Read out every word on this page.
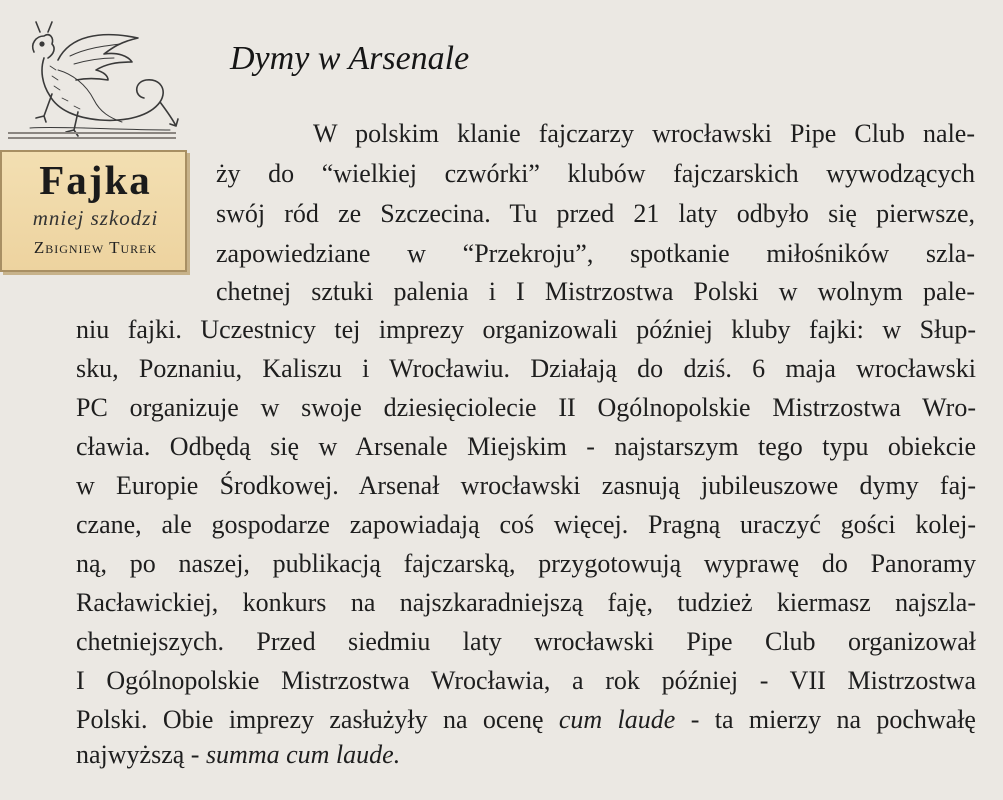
Fajka
mniej szkodzi
Zbigniew Turek
Dymy w Arsenale
W polskim klanie fajczarzy wrocławski Pipe Club nale-
ży do “wielkiej czwórki” klubów fajczarskich wywodzących
swój ród ze Szczecina. Tu przed 21 laty odbyło się pierwsze,
zapowiedziane w “Przekroju”, spotkanie miłośników szla-
chetnej sztuki palenia i I Mistrzostwa Polski w wolnym pale-
niu fajki. Uczestnicy tej imprezy organizowali później kluby fajki: w Słup-
sku, Poznaniu, Kaliszu i Wrocławiu. Działają do dziś. 6 maja wrocławski
PC organizuje w swoje dziesięciolecie II Ogólnopolskie Mistrzostwa Wro-
cławia. Odbędą się w Arsenale Miejskim - najstarszym tego typu obiekcie
w Europie Środkowej. Arsenał wrocławski zasnują jubileuszowe dymy faj-
czane, ale gospodarze zapowiadają coś więcej. Pragną uraczyć gości kolej-
ną, po naszej, publikacją fajczarską, przygotowują wyprawę do Panoramy
Racławickiej, konkurs na najszkaradniejszą faję, tudzież kiermasz najszla-
chetniejszych. Przed siedmiu laty wrocławski Pipe Club organizował
I Ogólnopolskie Mistrzostwa Wrocławia, a rok później - VII Mistrzostwa
Polski. Obie imprezy zasłużyły na ocenę cum laude - ta mierzy na pochwałę
najwyższą - summa cum laude.
